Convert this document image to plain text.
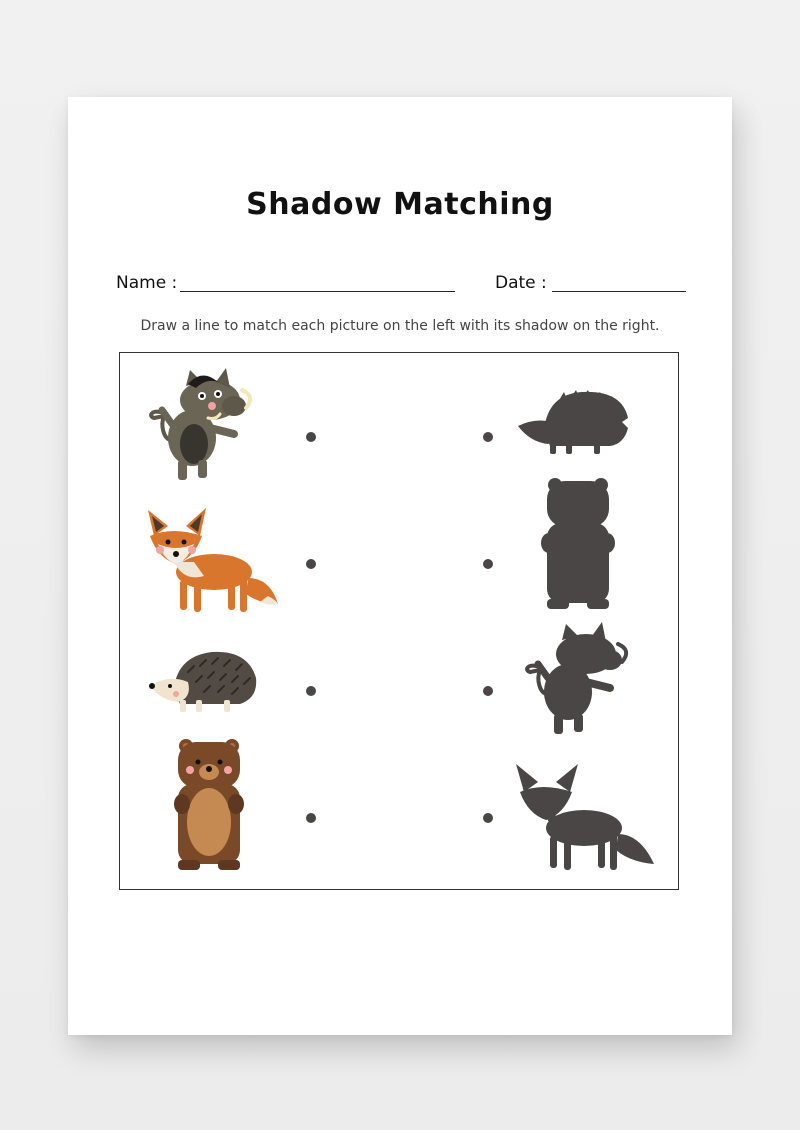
Shadow Matching
Name :	Date :
Draw a line to match each picture on the left with its shadow on the right.
